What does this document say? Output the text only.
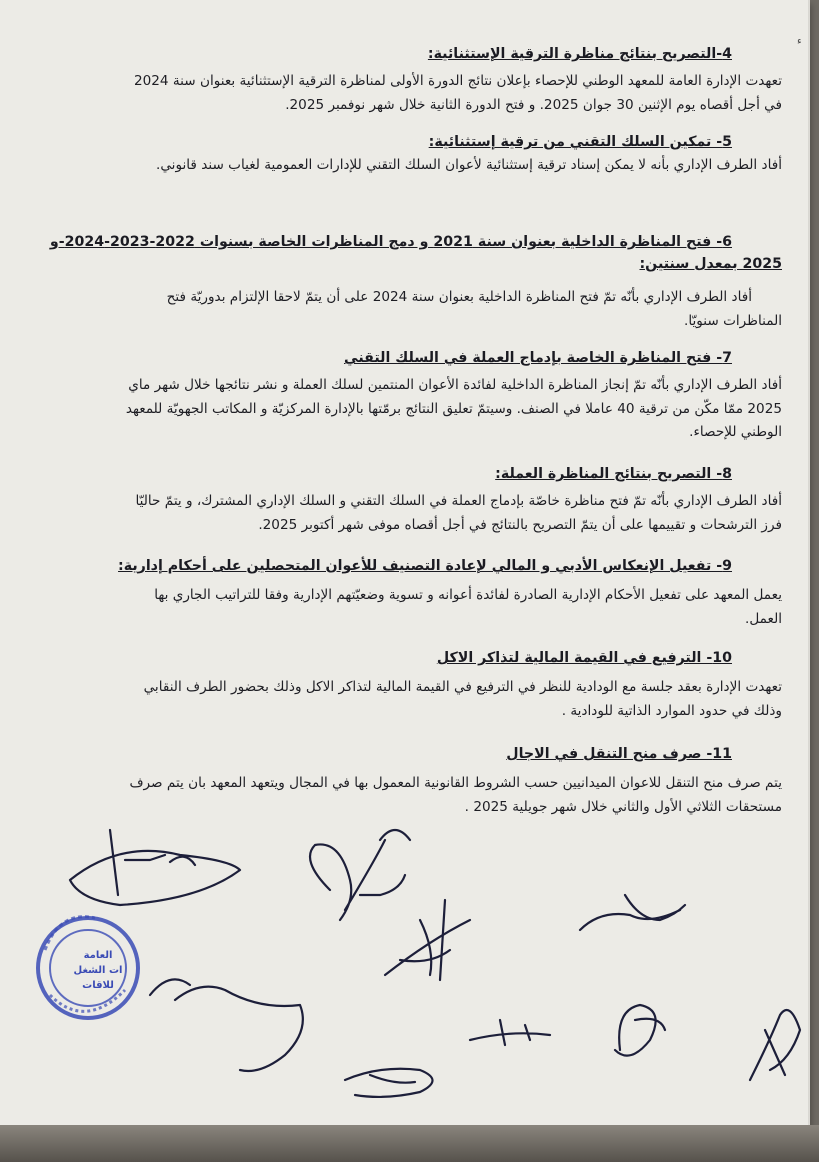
ء
4-التصريح بنتائج مناظرة الترقية الإستثنائية:
تعهدت الإدارة العامة للمعهد الوطني للإحصاء بإعلان نتائج الدورة الأولى لمناظرة الترقية الإستثنائية بعنوان سنة 2024
في أجل أقصاه يوم الإثنين 30 جوان 2025. و فتح الدورة الثانية خلال شهر نوفمبر 2025.
5- تمكين السلك التقني من ترقية إستثنائية:
أفاد الطرف الإداري بأنه لا يمكن إسناد ترقية إستثنائية لأعوان السلك التقني للإدارات العمومية لغياب سند قانوني.
6- فتح المناظرة الداخلية بعنوان سنة 2021 و دمج المناظرات الخاصة بسنوات 2022-2023-2024-و
2025 بمعدل سنتين:
أفاد الطرف الإداري بأنّه تمّ فتح المناظرة الداخلية بعنوان سنة 2024 على أن يتمّ لاحقا الإلتزام بدوريّة فتح
المناظرات سنويّا.
7- فتح المناظرة الخاصة بإدماج العملة في السلك التقني
أفاد الطرف الإداري بأنّه تمّ إنجاز المناظرة الداخلية لفائدة الأعوان المنتمين لسلك العملة و نشر نتائجها خلال شهر ماي
2025 ممّا مكّن من ترقية 40 عاملا في الصنف. وسيتمّ تعليق النتائج برمّتها بالإدارة المركزيّة و المكاتب الجهويّة للمعهد
الوطني للإحصاء.
8- التصريح بنتائج المناظرة العملة:
أفاد الطرف الإداري بأنّه تمّ فتح مناظرة خاصّة بإدماج العملة في السلك التقني و السلك الإداري المشترك، و يتمّ حاليّا
فرز الترشحات و تقييمها على أن يتمّ التصريح بالنتائج في أجل أقصاه موفى شهر أكتوبر 2025.
9- تفعيل الإنعكاس الأدبي و المالي لإعادة التصنيف للأعوان المتحصلين على أحكام إدارية:
يعمل المعهد على تفعيل الأحكام الإدارية الصادرة لفائدة أعوانه و تسوية وضعيّتهم الإدارية وفقا للتراتيب الجاري بها
العمل.
10- الترفيع في القيمة المالية لتذاكر الاكل
تعهدت الإدارة بعقد جلسة مع الودادية للنظر في الترفيع في القيمة المالية لتذاكر الاكل وذلك بحضور الطرف النقابي
وذلك في حدود الموارد الذاتية للودادية .
11- صرف منح التنقل في الاجال
يتم صرف منح التنقل للاعوان الميدانيين حسب الشروط القانونية المعمول بها في المجال ويتعهد المعهد بان يتم صرف
مستحقات الثلاثي الأول والثاني خلال شهر جويلية 2025 .
العامة
ات الشغل
للاقات
